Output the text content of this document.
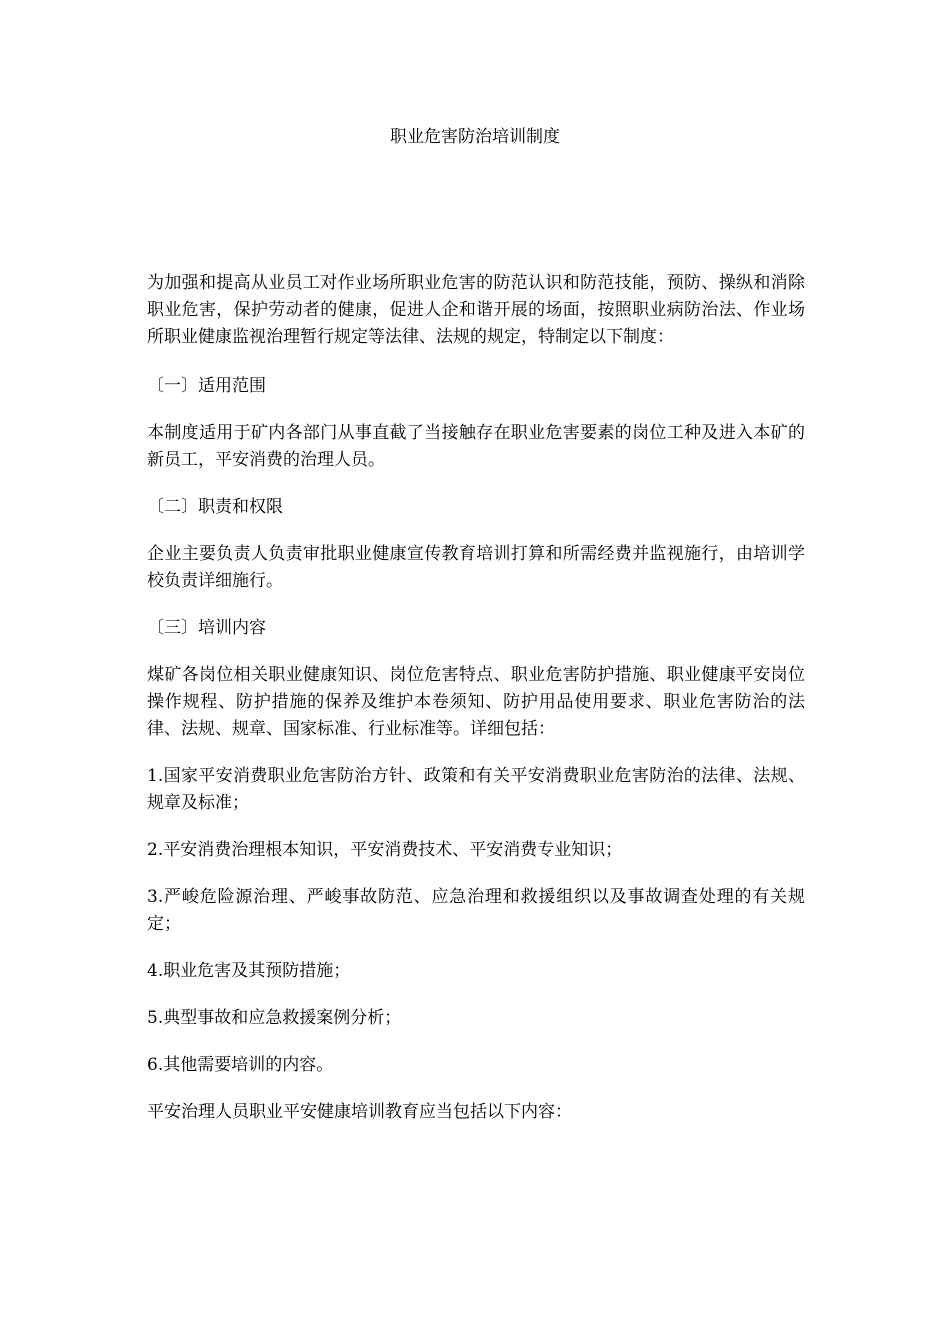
职业危害防治培训制度

为加强和提高从业员工对作业场所职业危害的防范认识和防范技能，预防、操纵和消除职业危害，保护劳动者的健康，促进人企和谐开展的场面，按照职业病防治法、作业场所职业健康监视治理暂行规定等法律、法规的规定，特制定以下制度：

〔一〕适用范围

本制度适用于矿内各部门从事直截了当接触存在职业危害要素的岗位工种及进入本矿的新员工，平安消费的治理人员。

〔二〕职责和权限

企业主要负责人负责审批职业健康宣传教育培训打算和所需经费并监视施行，由培训学校负责详细施行。

〔三〕培训内容

煤矿各岗位相关职业健康知识、岗位危害特点、职业危害防护措施、职业健康平安岗位操作规程、防护措施的保养及维护本卷须知、防护用品使用要求、职业危害防治的法律、法规、规章、国家标准、行业标准等。详细包括：

1.国家平安消费职业危害防治方针、政策和有关平安消费职业危害防治的法律、法规、规章及标准；

2.平安消费治理根本知识，平安消费技术、平安消费专业知识；

3.严峻危险源治理、严峻事故防范、应急治理和救援组织以及事故调查处理的有关规定；

4.职业危害及其预防措施；

5.典型事故和应急救援案例分析；

6.其他需要培训的内容。

平安治理人员职业平安健康培训教育应当包括以下内容：
